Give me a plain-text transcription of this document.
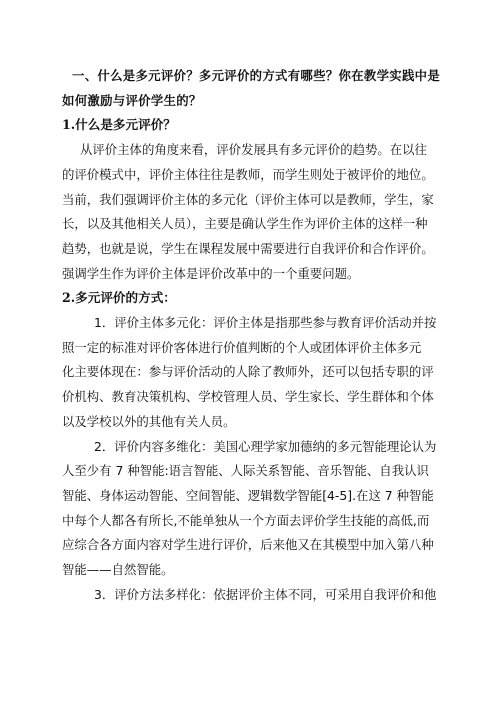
一、什么是多元评价？多元评价的方式有哪些？你在教学实践中是
如何激励与评价学生的？
1.什么是多元评价？
从评价主体的角度来看，评价发展具有多元评价的趋势。在以往
的评价模式中，评价主体往往是教师，而学生则处于被评价的地位。
当前，我们强调评价主体的多元化（评价主体可以是教师，学生，家
长，以及其他相关人员），主要是确认学生作为评价主体的这样一种
趋势，也就是说，学生在课程发展中需要进行自我评价和合作评价。
强调学生作为评价主体是评价改革中的一个重要问题。
2.多元评价的方式：
1．评价主体多元化：评价主体是指那些参与教育评价活动并按
照一定的标准对评价客体进行价值判断的个人或团体评价主体多元
化主要体现在：参与评价活动的人除了教师外，还可以包括专职的评
价机构、教育决策机构、学校管理人员、学生家长、学生群体和个体
以及学校以外的其他有关人员。
2．评价内容多维化：美国心理学家加德纳的多元智能理论认为
人至少有 7 种智能:语言智能、人际关系智能、音乐智能、自我认识
智能、身体运动智能、空间智能、逻辑数学智能[4-5].在这 7 种智能
中每个人都各有所长,不能单独从一个方面去评价学生技能的高低,而
应综合各方面内容对学生进行评价，后来他又在其模型中加入第八种
智能——自然智能。
3．评价方法多样化：依据评价主体不同，可采用自我评价和他
